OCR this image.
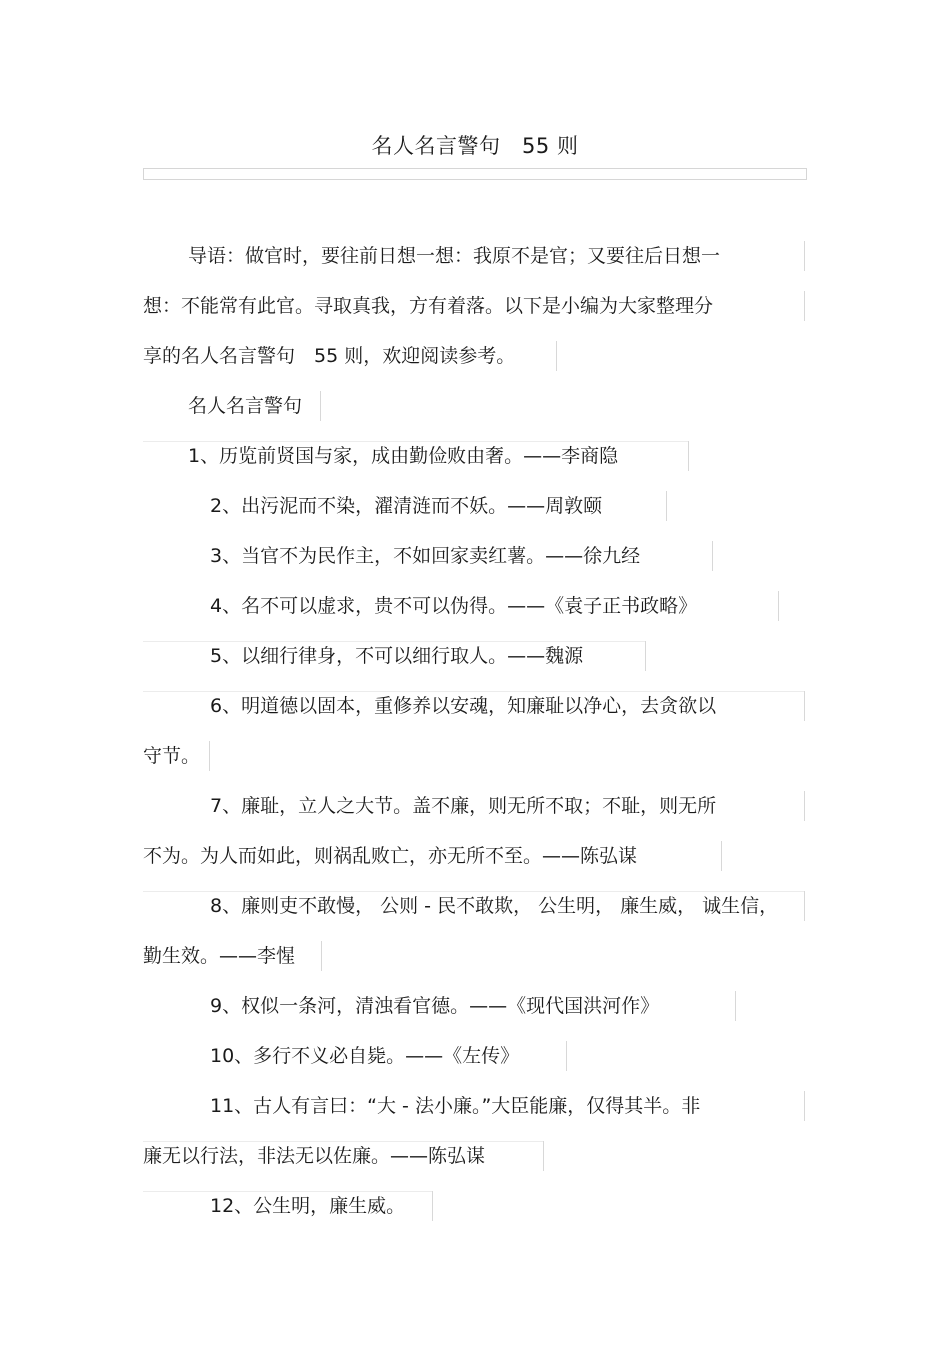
名人名言警句　55 则
导语：做官时，要往前日想一想：我原不是官；又要往后日想一
想：不能常有此官。寻取真我，方有着落。以下是小编为大家整理分
享的名人名言警句　55 则，欢迎阅读参考。
名人名言警句
1、历览前贤国与家，成由勤俭败由奢。——李商隐
2、出污泥而不染，濯清涟而不妖。——周敦颐
3、当官不为民作主，不如回家卖红薯。——徐九经
4、名不可以虚求，贵不可以伪得。——《袁子正书政略》
5、以细行律身，不可以细行取人。——魏源
6、明道德以固本，重修养以安魂，知廉耻以净心，去贪欲以
守节。
7、廉耻，立人之大节。盖不廉，则无所不取；不耻，则无所
不为。为人而如此，则祸乱败亡，亦无所不至。——陈弘谋
8、廉则吏不敢慢， 公则 - 民不敢欺， 公生明， 廉生威， 诚生信，
勤生效。——李惺
9、权似一条河，清浊看官德。——《现代国洪河作》
10、多行不义必自毙。——《左传》
11、古人有言曰：“大 - 法小廉。”大臣能廉，仅得其半。非
廉无以行法，非法无以佐廉。——陈弘谋
12、公生明，廉生威。
